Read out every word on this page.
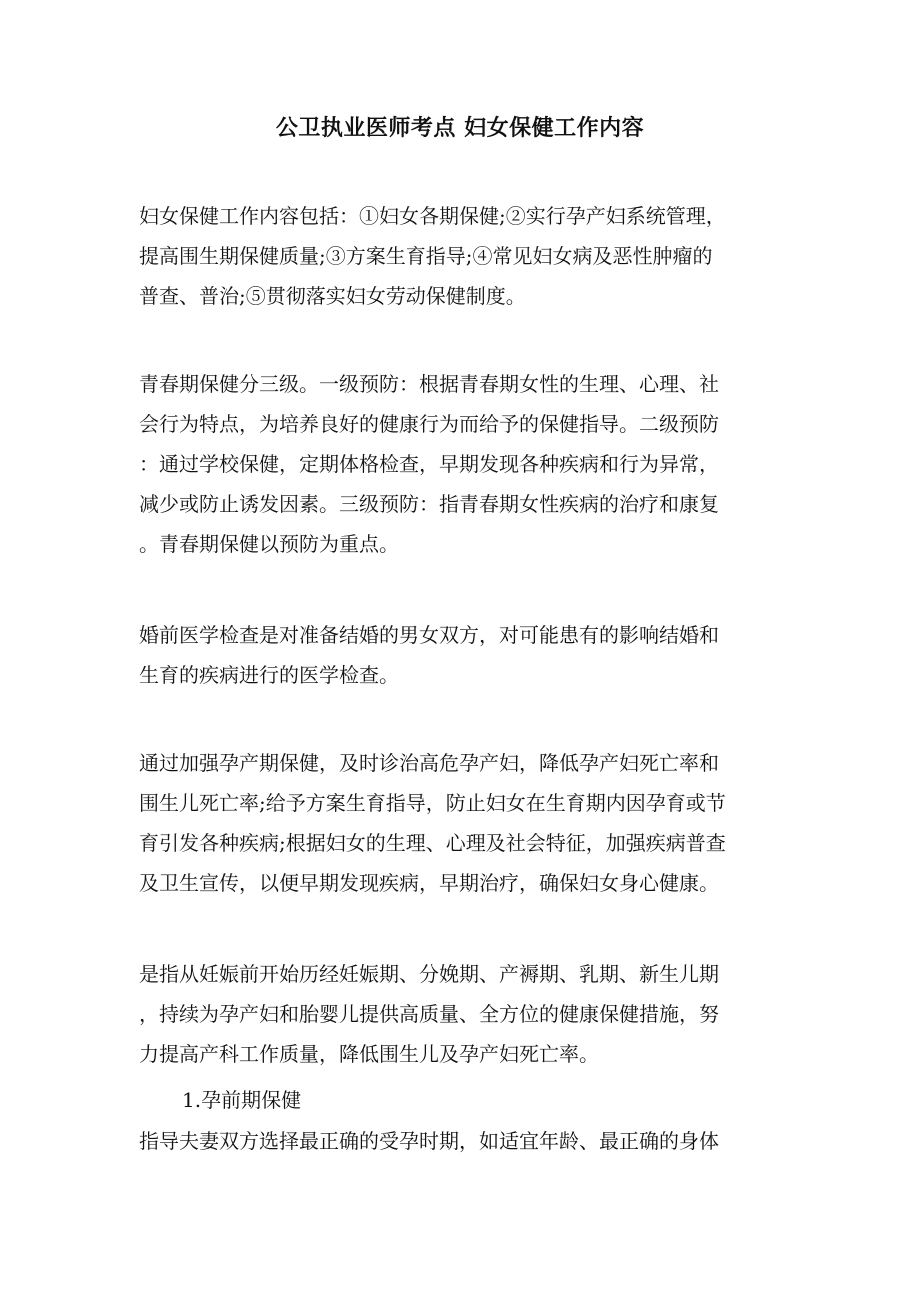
公卫执业医师考点 妇女保健工作内容

妇女保健工作内容包括：①妇女各期保健;②实行孕产妇系统管理，
提高围生期保健质量;③方案生育指导;④常见妇女病及恶性肿瘤的
普查、普治;⑤贯彻落实妇女劳动保健制度。

青春期保健分三级。一级预防：根据青春期女性的生理、心理、社
会行为特点，为培养良好的健康行为而给予的保健指导。二级预防
：通过学校保健，定期体格检查，早期发现各种疾病和行为异常，
减少或防止诱发因素。三级预防：指青春期女性疾病的治疗和康复
。青春期保健以预防为重点。

婚前医学检查是对准备结婚的男女双方，对可能患有的影响结婚和
生育的疾病进行的医学检查。

通过加强孕产期保健，及时诊治高危孕产妇，降低孕产妇死亡率和
围生儿死亡率;给予方案生育指导，防止妇女在生育期内因孕育或节
育引发各种疾病;根据妇女的生理、心理及社会特征，加强疾病普查
及卫生宣传，以便早期发现疾病，早期治疗，确保妇女身心健康。

是指从妊娠前开始历经妊娠期、分娩期、产褥期、乳期、新生儿期
，持续为孕产妇和胎婴儿提供高质量、全方位的健康保健措施，努
力提高产科工作质量，降低围生儿及孕产妇死亡率。

1.孕前期保健

指导夫妻双方选择最正确的受孕时期，如适宜年龄、最正确的身体
